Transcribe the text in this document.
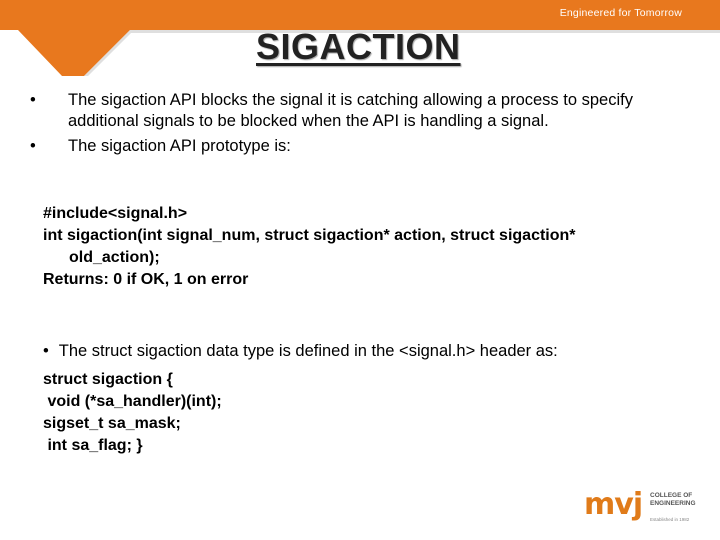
Engineered for Tomorrow
SIGACTION
• The sigaction API blocks the signal it is catching allowing a process to specify additional signals to be blocked when the API is handling a signal.
• The sigaction API prototype is:
#include<signal.h>
int sigaction(int signal_num, struct sigaction* action, struct sigaction*
old_action);
Returns: 0 if OK, 1 on error
• The struct sigaction data type is defined in the <signal.h> header as:
struct sigaction {
void (*sa_handler)(int);
sigset_t sa_mask;
int sa_flag; }
mvj COLLEGE OF
ENGINEERING
Established in 1982
